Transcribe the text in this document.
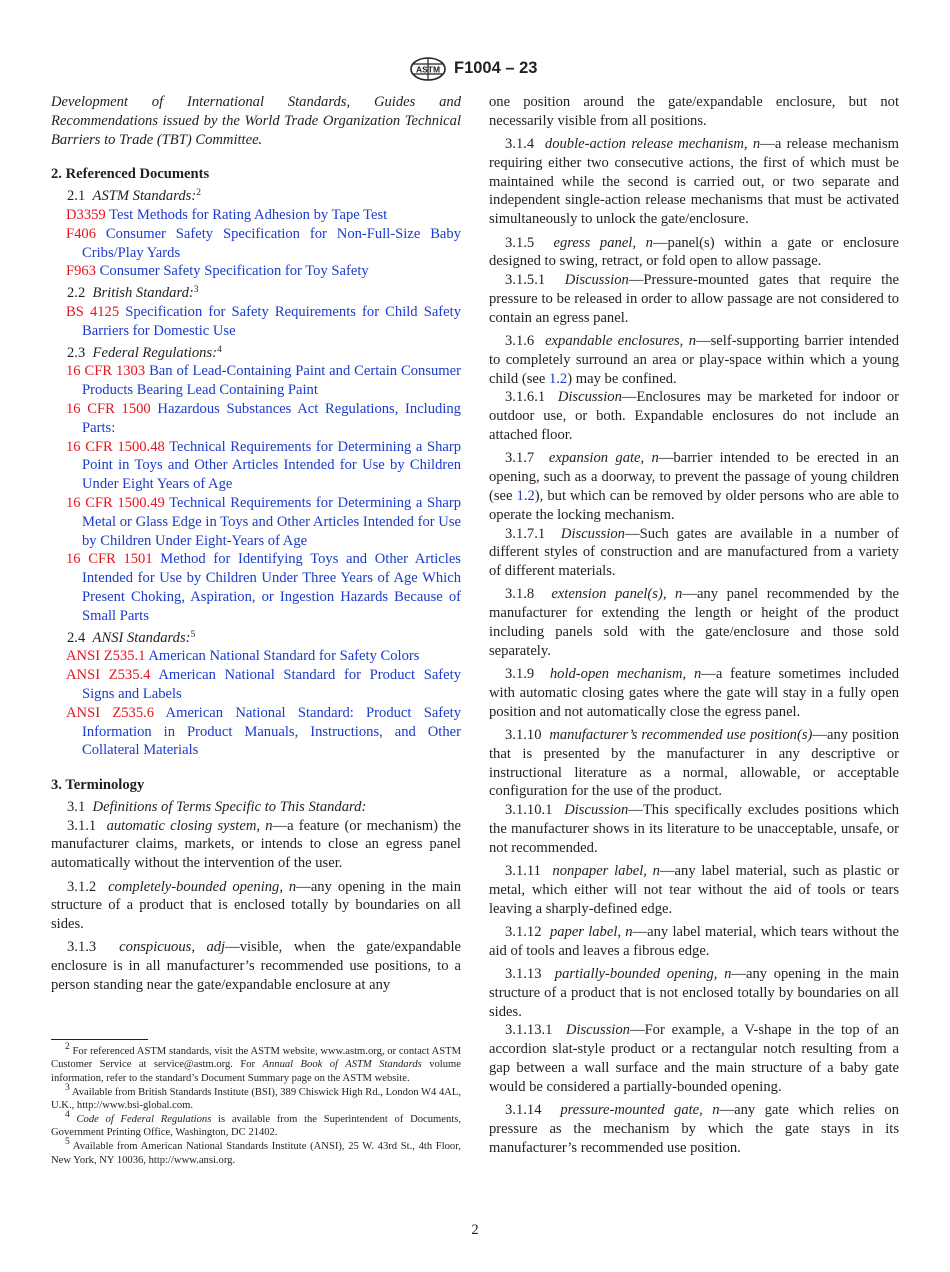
ASTM F1004 – 23

Development of International Standards, Guides and Recommendations issued by the World Trade Organization Technical Barriers to Trade (TBT) Committee.

2. Referenced Documents

2.1 ASTM Standards:$^2$

D3359 Test Methods for Rating Adhesion by Tape Test

F406 Consumer Safety Specification for Non-Full-Size Baby Cribs/Play Yards

F963 Consumer Safety Specification for Toy Safety

2.2 British Standard:$^3$

BS 4125 Specification for Safety Requirements for Child Safety Barriers for Domestic Use

2.3 Federal Regulations:$^4$

16 CFR 1303 Ban of Lead-Containing Paint and Certain Consumer Products Bearing Lead Containing Paint

16 CFR 1500 Hazardous Substances Act Regulations, Including Parts:

16 CFR 1500.48 Technical Requirements for Determining a Sharp Point in Toys and Other Articles Intended for Use by Children Under Eight Years of Age

16 CFR 1500.49 Technical Requirements for Determining a Sharp Metal or Glass Edge in Toys and Other Articles Intended for Use by Children Under Eight-Years of Age

16 CFR 1501 Method for Identifying Toys and Other Articles Intended for Use by Children Under Three Years of Age Which Present Choking, Aspiration, or Ingestion Hazards Because of Small Parts

2.4 ANSI Standards:$^5$

ANSI Z535.1 American National Standard for Safety Colors

ANSI Z535.4 American National Standard for Product Safety Signs and Labels

ANSI Z535.6 American National Standard: Product Safety Information in Product Manuals, Instructions, and Other Collateral Materials

3. Terminology

3.1 Definitions of Terms Specific to This Standard:

3.1.1 automatic closing system, n—a feature (or mechanism) the manufacturer claims, markets, or intends to close an egress panel automatically without the intervention of the user.

3.1.2 completely-bounded opening, n—any opening in the main structure of a product that is enclosed totally by boundaries on all sides.

3.1.3 conspicuous, adj—visible, when the gate/expandable enclosure is in all manufacturer’s recommended use positions, to a person standing near the gate/expandable enclosure at any

one position around the gate/expandable enclosure, but not necessarily visible from all positions.

3.1.4 double-action release mechanism, n—a release mechanism requiring either two consecutive actions, the first of which must be maintained while the second is carried out, or two separate and independent single-action release mechanisms that must be activated simultaneously to unlock the gate/enclosure.

3.1.5 egress panel, n—panel(s) within a gate or enclosure designed to swing, retract, or fold open to allow passage.

3.1.5.1 Discussion—Pressure-mounted gates that require the pressure to be released in order to allow passage are not considered to contain an egress panel.

3.1.6 expandable enclosures, n—self-supporting barrier intended to completely surround an area or play-space within which a young child (see 1.2) may be confined.

3.1.6.1 Discussion—Enclosures may be marketed for indoor or outdoor use, or both. Expandable enclosures do not include an attached floor.

3.1.7 expansion gate, n—barrier intended to be erected in an opening, such as a doorway, to prevent the passage of young children (see 1.2), but which can be removed by older persons who are able to operate the locking mechanism.

3.1.7.1 Discussion—Such gates are available in a number of different styles of construction and are manufactured from a variety of different materials.

3.1.8 extension panel(s), n—any panel recommended by the manufacturer for extending the length or height of the product including panels sold with the gate/enclosure and those sold separately.

3.1.9 hold-open mechanism, n—a feature sometimes included with automatic closing gates where the gate will stay in a fully open position and not automatically close the egress panel.

3.1.10 manufacturer’s recommended use position(s)—any position that is presented by the manufacturer in any descriptive or instructional literature as a normal, allowable, or acceptable configuration for the use of the product.

3.1.10.1 Discussion—This specifically excludes positions which the manufacturer shows in its literature to be unacceptable, unsafe, or not recommended.

3.1.11 nonpaper label, n—any label material, such as plastic or metal, which either will not tear without the aid of tools or tears leaving a sharply-defined edge.

3.1.12 paper label, n—any label material, which tears without the aid of tools and leaves a fibrous edge.

3.1.13 partially-bounded opening, n—any opening in the main structure of a product that is not enclosed totally by boundaries on all sides.

3.1.13.1 Discussion—For example, a V-shape in the top of an accordion slat-style product or a rectangular notch resulting from a gap between a wall surface and the main structure of a baby gate would be considered a partially-bounded opening.

3.1.14 pressure-mounted gate, n—any gate which relies on pressure as the mechanism by which the gate stays in its manufacturer’s recommended use position.

$^2$ For referenced ASTM standards, visit the ASTM website, www.astm.org, or contact ASTM Customer Service at service@astm.org. For Annual Book of ASTM Standards volume information, refer to the standard’s Document Summary page on the ASTM website.

$^3$ Available from British Standards Institute (BSI), 389 Chiswick High Rd., London W4 4AL, U.K., http://www.bsi-global.com.

$^4$ Code of Federal Regulations is available from the Superintendent of Documents, Government Printing Office, Washington, DC 21402.

$^5$ Available from American National Standards Institute (ANSI), 25 W. 43rd St., 4th Floor, New York, NY 10036, http://www.ansi.org.

2
